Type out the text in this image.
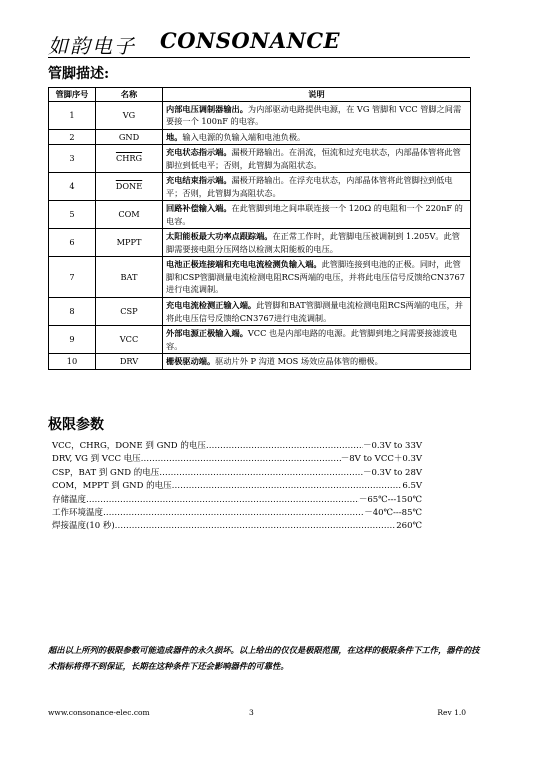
如韵电子 CONSONANCE
管脚描述:
管脚序号	名称	说明
1	VG	内部电压调制器输出。为内部驱动电路提供电源，在 VG 管脚和 VCC 管脚之间需要接一个 100nF 的电容。
2	GND	地。输入电源的负输入端和电池负极。
3	CHRG	充电状态指示端。漏极开路输出。在涓流，恒流和过充电状态，内部晶体管将此管脚拉到低电平；否则，此管脚为高阻状态。
4	DONE	充电结束指示端。漏极开路输出。在浮充电状态，内部晶体管将此管脚拉到低电平；否则，此管脚为高阻状态。
5	COM	回路补偿输入端。在此管脚到地之间串联连接一个 120Ω 的电阻和一个 220nF 的电容。
6	MPPT	太阳能板最大功率点跟踪端。在正常工作时，此管脚电压被调制到 1.205V。此管脚需要接电阻分压网络以检测太阳能板的电压。
7	BAT	电池正极连接端和充电电流检测负输入端。此管脚连接到电池的正极。同时，此管脚和CSP管脚测量电流检测电阻RCS两端的电压，并将此电压信号反馈给CN3767进行电流调制。
8	CSP	充电电流检测正输入端。此管脚和BAT管脚测量电流检测电阻RCS两端的电压，并将此电压信号反馈给CN3767进行电流调制。
9	VCC	外部电源正极输入端。VCC 也是内部电路的电源。此管脚到地之间需要接滤波电容。
10	DRV	栅极驱动端。驱动片外 P 沟道 MOS 场效应晶体管的栅极。
极限参数
VCC，CHRG，DONE 到 GND 的电压 ………………………………………………………………………………………………………………………………………………	－0.3V to 33V
DRV, VG 到 VCC 电压 ………………………………………………………………………………………………………………………………………………	－8V to VCC＋0.3V
CSP，BAT 到 GND 的电压 ………………………………………………………………………………………………………………………………………………	－0.3V to 28V
COM，MPPT 到 GND 的电压 ………………………………………………………………………………………………………………………………………………	6.5V
存储温度 ………………………………………………………………………………………………………………………………………………	－65℃---150℃
工作环境温度 ………………………………………………………………………………………………………………………………………………	－40℃---85℃
焊接温度(10 秒) ………………………………………………………………………………………………………………………………………………	260℃
超出以上所列的极限参数可能造成器件的永久损坏。以上给出的仅仅是极限范围，在这样的极限条件下工作，器件的技术指标将得不到保证，长期在这种条件下还会影响器件的可靠性。
www.consonance-elec.com	3	Rev 1.0
